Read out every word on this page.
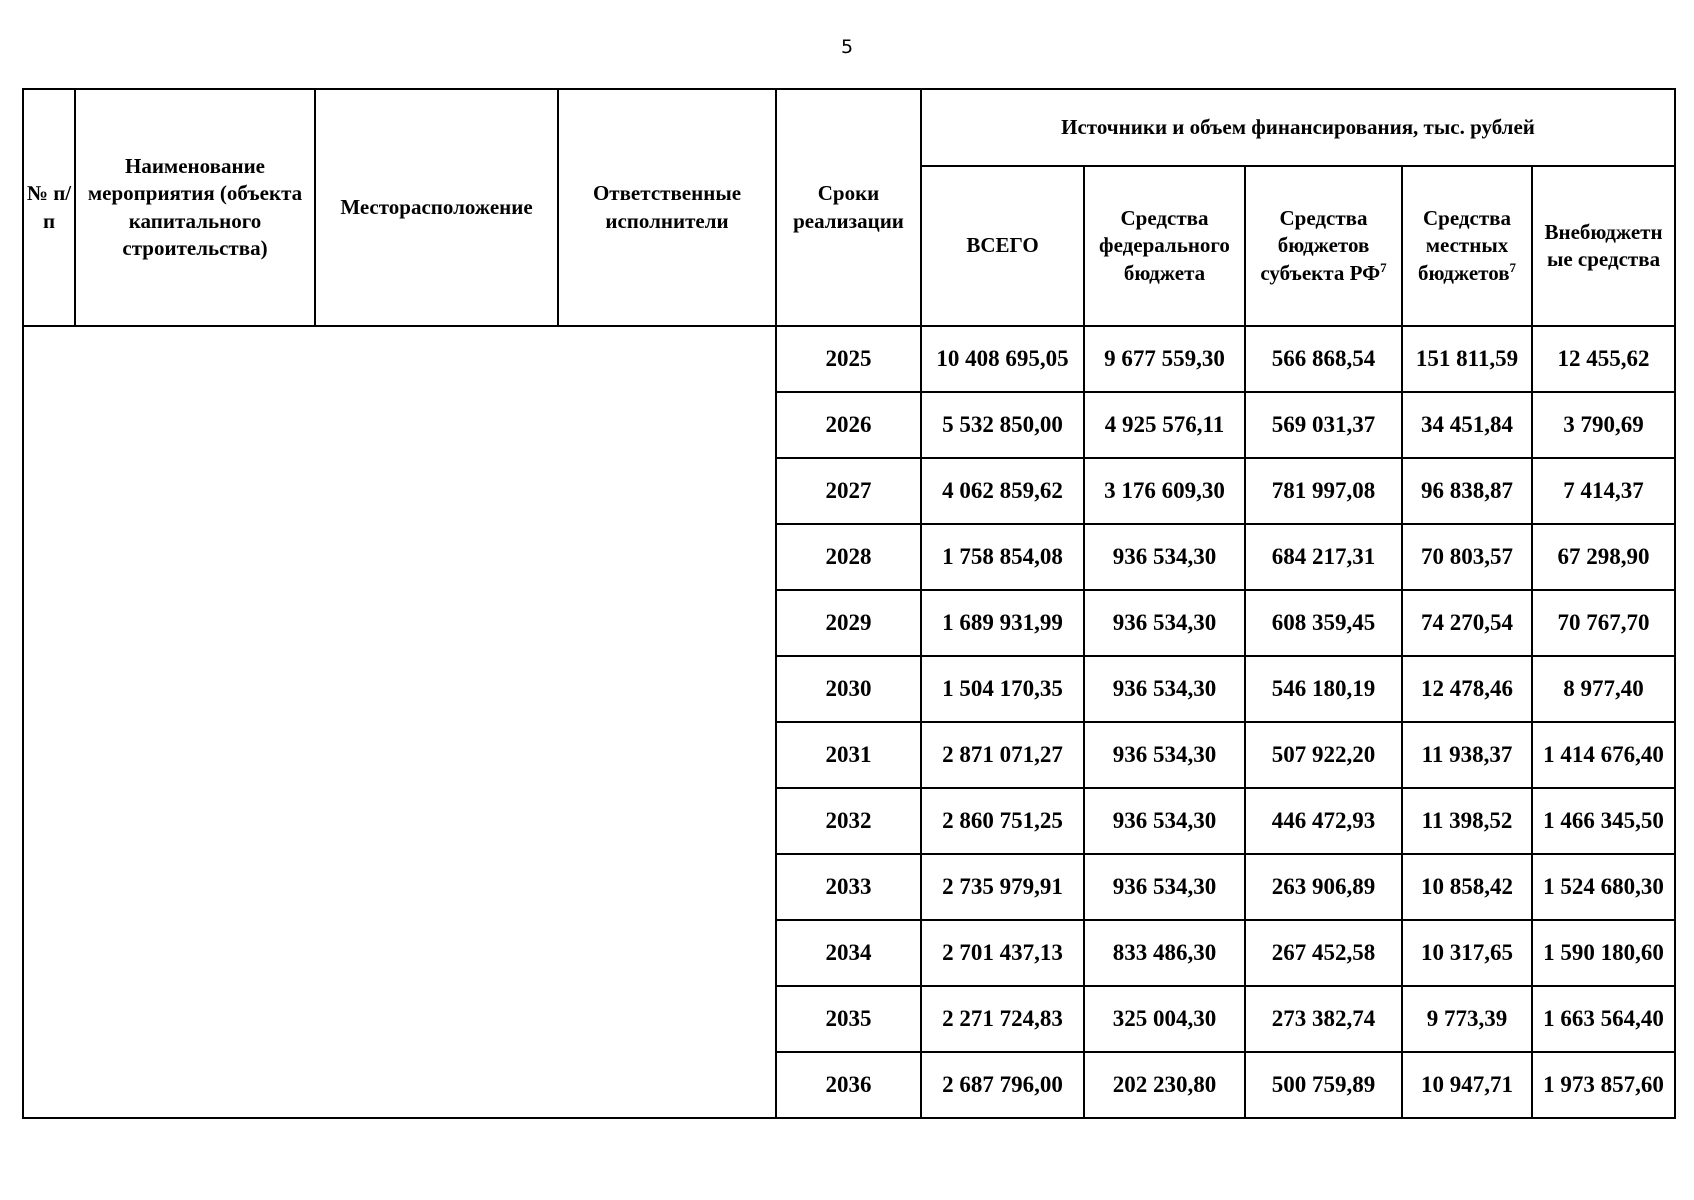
5
№ п/п	Наименование мероприятия (объекта капитального строительства)	Месторасположение	Ответственные исполнители	Сроки реализации	Источники и объем финансирования, тыс. рублей				
					ВСЕГО	Средства федерального бюджета	Средства бюджетов субъекта $РФ^7$	Средства местных бюджетов$^7$	Внебюджетн ые средства
				2025	10 408 695,05	9 677 559,30	566 868,54	151 811,59	12 455,62
				2026	5 532 850,00	4 925 576,11	569 031,37	34 451,84	3 790,69
				2027	4 062 859,62	3 176 609,30	781 997,08	96 838,87	7 414,37
				2028	1 758 854,08	936 534,30	684 217,31	70 803,57	67 298,90
				2029	1 689 931,99	936 534,30	608 359,45	74 270,54	70 767,70
				2030	1 504 170,35	936 534,30	546 180,19	12 478,46	8 977,40
				2031	2 871 071,27	936 534,30	507 922,20	11 938,37	1 414 676,40
				2032	2 860 751,25	936 534,30	446 472,93	11 398,52	1 466 345,50
				2033	2 735 979,91	936 534,30	263 906,89	10 858,42	1 524 680,30
				2034	2 701 437,13	833 486,30	267 452,58	10 317,65	1 590 180,60
				2035	2 271 724,83	325 004,30	273 382,74	9 773,39	1 663 564,40
				2036	2 687 796,00	202 230,80	500 759,89	10 947,71	1 973 857,60
